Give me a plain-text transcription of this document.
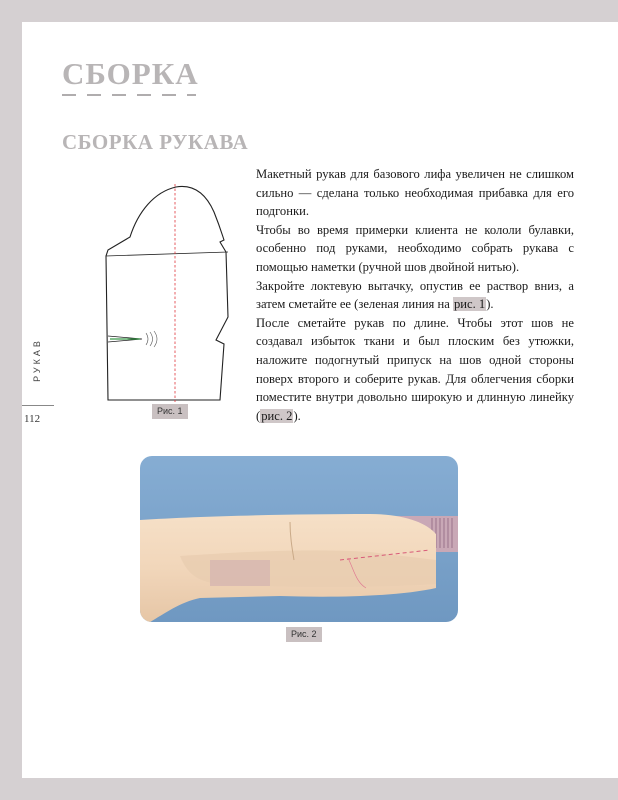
СБОРКА
СБОРКА РУКАВА
РУКАВ
112
Рис. 1

Макетный рукав для базового лифа увеличен не слишком сильно — сделана только необходимая прибавка для его подгонки.

Чтобы во время примерки клиента не кололи булавки, особенно под руками, необходимо собрать рукава с помощью наметки (ручной шов двойной нитью).

Закройте локтевую вытачку, опустив ее раствор вниз, а затем сметайте ее (зеленая линия на рис. 1).

После сметайте рукав по длине. Чтобы этот шов не создавал избыток ткани и был плоским без утюжки, наложите подогнутый припуск на шов одной стороны поверх второго и соберите рукав. Для облегчения сборки поместите внутри довольно широкую и длинную линейку (рис. 2).

Рис. 2
